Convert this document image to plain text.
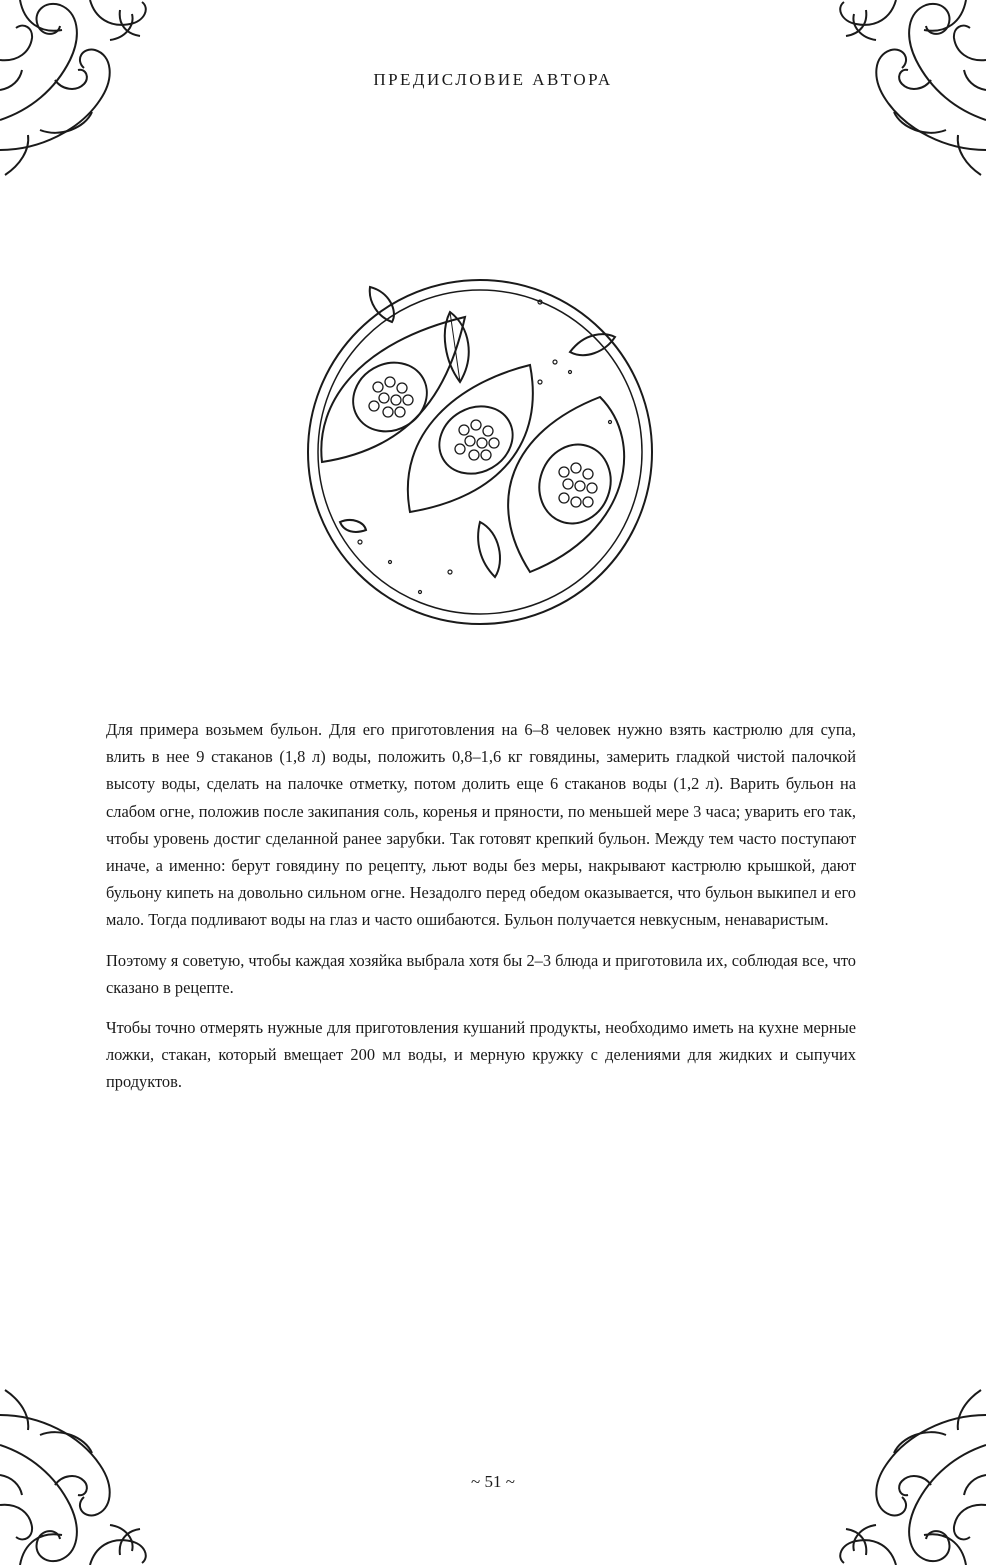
ПРЕДИСЛОВИЕ АВТОРА

Для примера возьмем бульон. Для его приготовления на 6–8 человек нужно взять кастрюлю для супа, влить в нее 9 стаканов (1,8 л) воды, положить 0,8–1,6 кг говядины, замерить гладкой чистой палочкой высоту воды, сделать на палочке отметку, потом долить еще 6 стаканов воды (1,2 л). Варить бульон на слабом огне, положив после закипания соль, коренья и пряности, по меньшей мере 3 часа; уварить его так, чтобы уровень достиг сделанной ранее зарубки. Так готовят крепкий бульон. Между тем часто поступают иначе, а именно: берут говядину по рецепту, льют воды без меры, накрывают кастрюлю крышкой, дают бульону кипеть на довольно сильном огне. Незадолго перед обедом оказывается, что бульон выкипел и его мало. Тогда подливают воды на глаз и часто ошибаются. Бульон получается невкусным, ненаваристым.

Поэтому я советую, чтобы каждая хозяйка выбрала хотя бы 2–3 блюда и приготовила их, соблюдая все, что сказано в рецепте.

Чтобы точно отмерять нужные для приготовления кушаний продукты, необходимо иметь на кухне мерные ложки, стакан, который вмещает 200 мл воды, и мерную кружку с делениями для жидких и сыпучих продуктов.

~ 51 ~
